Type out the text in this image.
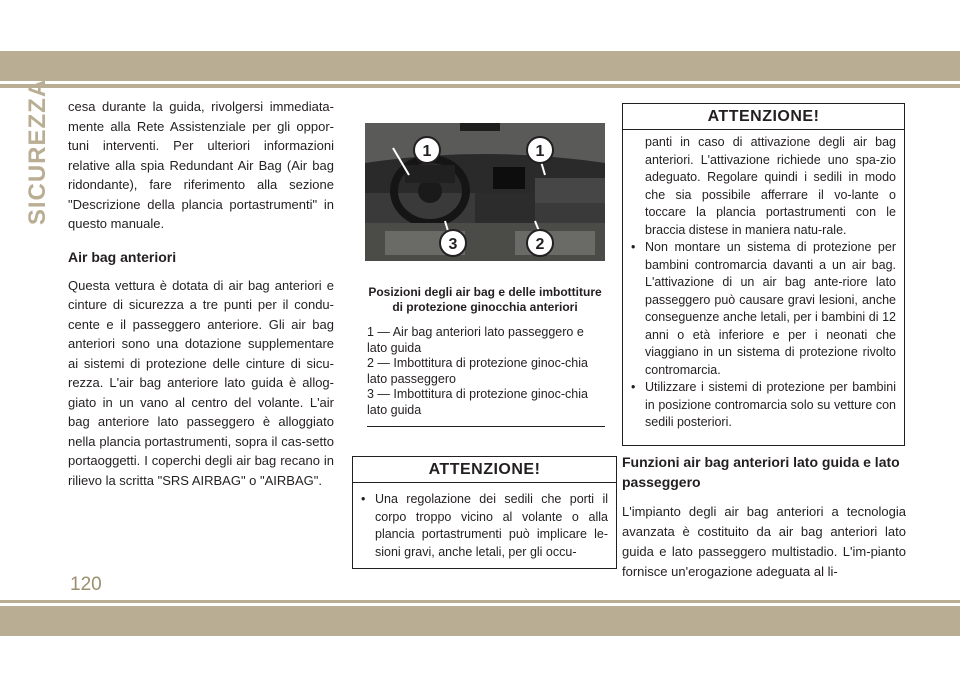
SICUREZZA cesa durante la guida, rivolgersi immediata-mente alla Rete Assistenziale per gli oppor-tuni interventi. Per ulteriori informazioni relative alla spia Redundant Air Bag (Air bag ridondante), fare riferimento alla sezione "Descrizione della plancia portastrumenti" in questo manuale.

Air bag anteriori

Questa vettura è dotata di air bag anteriori e cinture di sicurezza a tre punti per il condu-cente e il passeggero anteriore. Gli air bag anteriori sono una dotazione supplementare ai sistemi di protezione delle cinture di sicu-rezza. L'air bag anteriore lato guida è allog-giato in un vano al centro del volante. L'air bag anteriore lato passeggero è alloggiato nella plancia portastrumenti, sopra il cas-setto portaoggetti. I coperchi degli air bag recano in rilievo la scritta "SRS AIRBAG" o "AIRBAG".

1	1
3	2
Posizioni degli air bag e delle imbottiture di protezione ginocchia anteriori
1 — Air bag anteriori lato passeggero e lato guida
2 — Imbottitura di protezione ginoc-chia lato passeggero
3 — Imbottitura di protezione ginoc-chia lato guida
ATTENZIONE!
• Una regolazione dei sedili che porti il corpo troppo vicino al volante o alla plancia portastrumenti può implicare le-sioni gravi, anche letali, per gli occu-
ATTENZIONE!
panti in caso di attivazione degli air bag anteriori. L'attivazione richiede uno spa-zio adeguato. Regolare quindi i sedili in modo che sia possibile afferrare il vo-lante o toccare la plancia portastrumenti con le braccia distese in maniera natu-rale.
• Non montare un sistema di protezione per bambini contromarcia davanti a un air bag. L'attivazione di un air bag ante-riore lato passeggero può causare gravi lesioni, anche conseguenze anche letali, per i bambini di 12 anni o età inferiore e per i neonati che viaggiano in un sistema di protezione rivolto contromarcia.
• Utilizzare i sistemi di protezione per bambini in posizione contromarcia solo su vetture con sedili posteriori.
Funzioni air bag anteriori lato guida e lato passeggero

L'impianto degli air bag anteriori a tecnologia avanzata è costituito da air bag anteriori lato guida e lato passeggero multistadio. L'im-pianto fornisce un'erogazione adeguata al li-

120
